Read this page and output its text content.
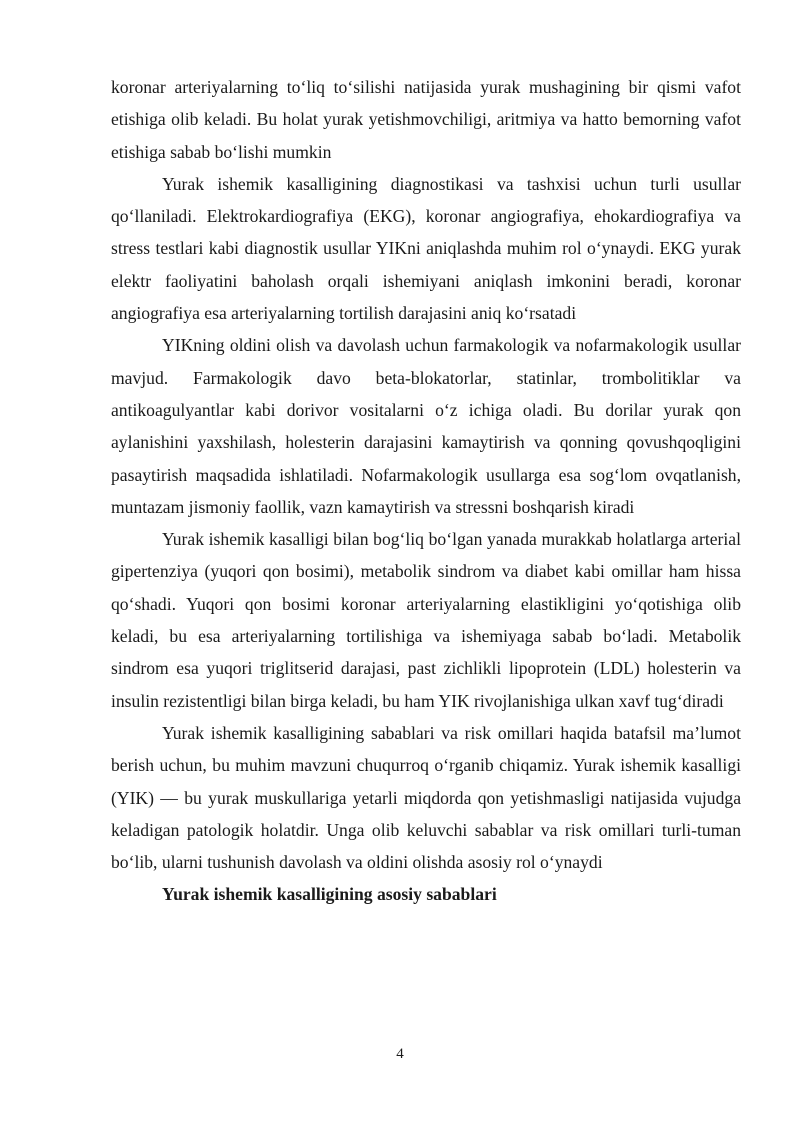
koronar arteriyalarning to‘liq to‘silishi natijasida yurak mushagining bir qismi vafot etishiga olib keladi. Bu holat yurak yetishmovchiligi, aritmiya va hatto bemorning vafot etishiga sabab bo‘lishi mumkin

Yurak ishemik kasalligining diagnostikasi va tashxisi uchun turli usullar qo‘llaniladi. Elektrokardiografiya (EKG), koronar angiografiya, ehokardiografiya va stress testlari kabi diagnostik usullar YIKni aniqlashda muhim rol o‘ynaydi. EKG yurak elektr faoliyatini baholash orqali ishemiyani aniqlash imkonini beradi, koronar angiografiya esa arteriyalarning tortilish darajasini aniq ko‘rsatadi

YIKning oldini olish va davolash uchun farmakologik va nofarmakologik usullar mavjud. Farmakologik davo beta-blokatorlar, statinlar, trombolitiklar va antikoagulyantlar kabi dorivor vositalarni o‘z ichiga oladi. Bu dorilar yurak qon aylanishini yaxshilash, holesterin darajasini kamaytirish va qonning qovushqoqligini pasaytirish maqsadida ishlatiladi. Nofarmakologik usullarga esa sog‘lom ovqatlanish, muntazam jismoniy faollik, vazn kamaytirish va stressni boshqarish kiradi

Yurak ishemik kasalligi bilan bog‘liq bo‘lgan yanada murakkab holatlarga arterial gipertenziya (yuqori qon bosimi), metabolik sindrom va diabet kabi omillar ham hissa qo‘shadi. Yuqori qon bosimi koronar arteriyalarning elastikligini yo‘qotishiga olib keladi, bu esa arteriyalarning tortilishiga va ishemiyaga sabab bo‘ladi. Metabolik sindrom esa yuqori triglitserid darajasi, past zichlikli lipoprotein (LDL) holesterin va insulin rezistentligi bilan birga keladi, bu ham YIK rivojlanishiga ulkan xavf tug‘diradi

Yurak ishemik kasalligining sabablari va risk omillari haqida batafsil ma’lumot berish uchun, bu muhim mavzuni chuqurroq o‘rganib chiqamiz. Yurak ishemik kasalligi (YIK) — bu yurak muskullariga yetarli miqdorda qon yetishmasligi natijasida vujudga keladigan patologik holatdir. Unga olib keluvchi sabablar va risk omillari turli-tuman bo‘lib, ularni tushunish davolash va oldini olishda asosiy rol o‘ynaydi

Yurak ishemik kasalligining asosiy sabablari

4
